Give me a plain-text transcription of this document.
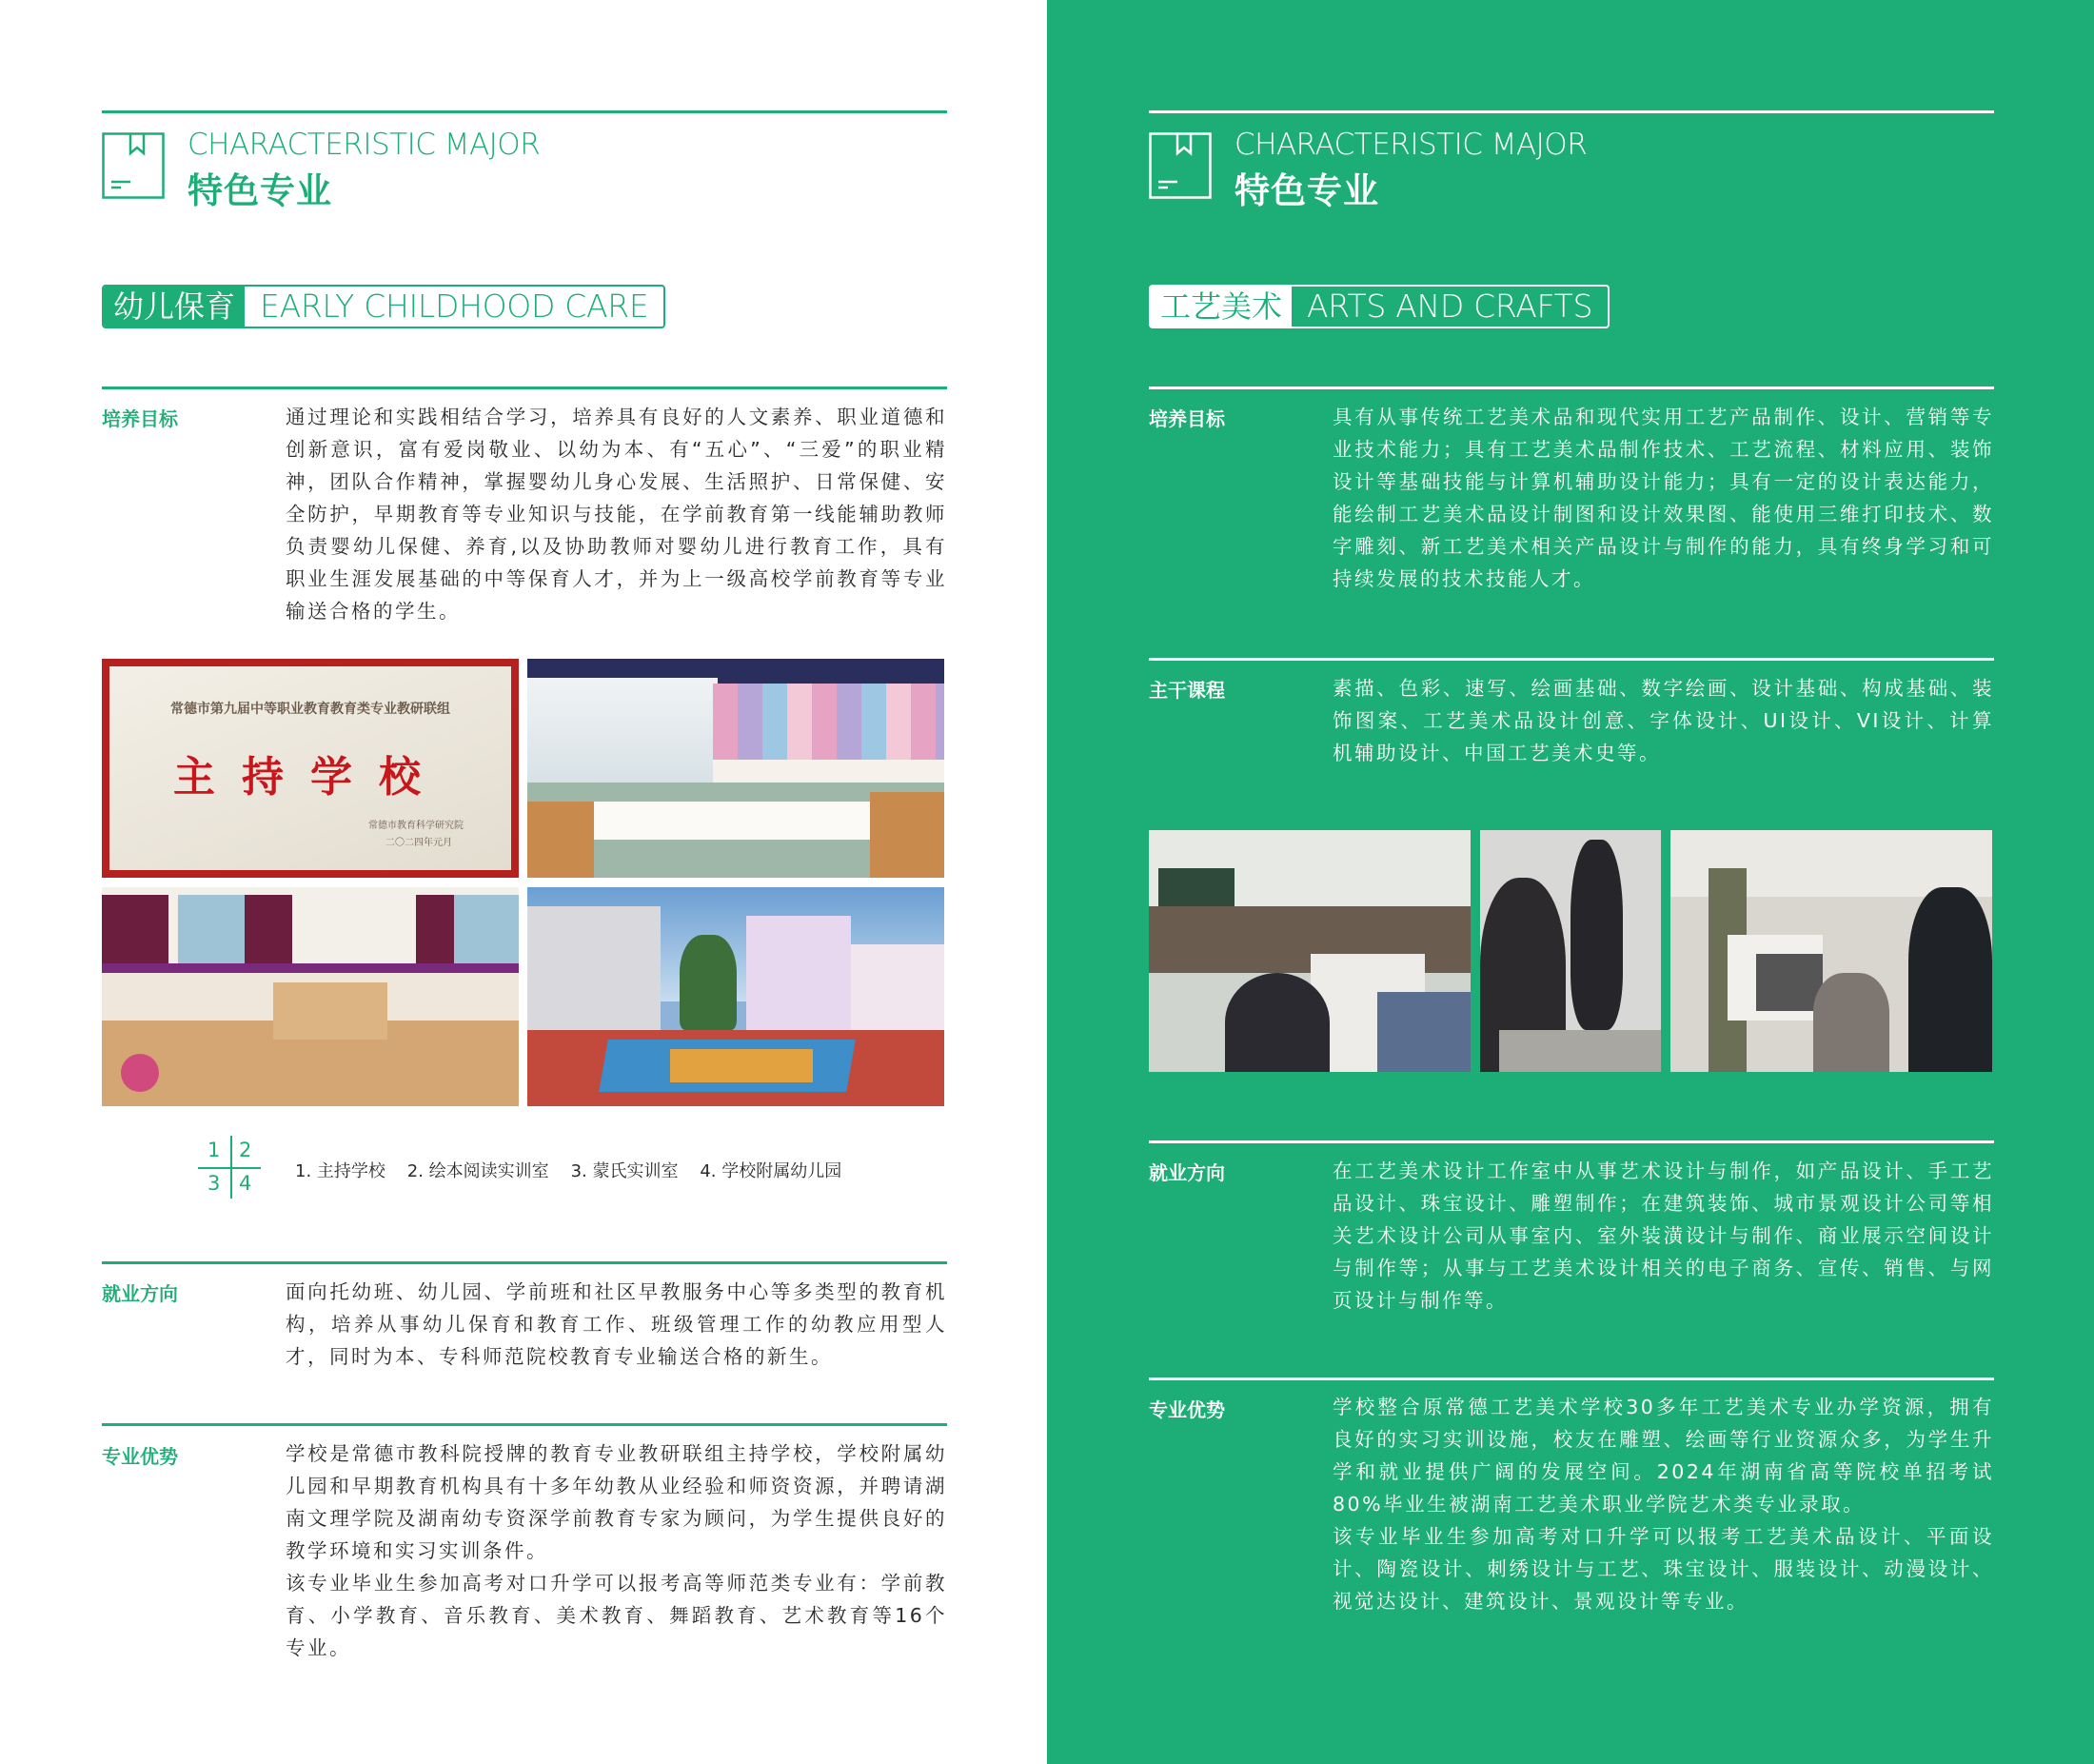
CHARACTERISTIC MAJOR
特色专业
幼儿保育 EARLY CHILDHOOD CARE
培养目标	通过理论和实践相结合学习，培养具有良好的人文素养、职业道德和创新意识，富有爱岗敬业、以幼为本、有“五心”、“三爱”的职业精神，团队合作精神，掌握婴幼儿身心发展、生活照护、日常保健、安全防护，早期教育等专业知识与技能，在学前教育第一线能辅助教师负责婴幼儿保健、养育,以及协助教师对婴幼儿进行教育工作，具有职业生涯发展基础的中等保育人才，并为上一级高校学前教育等专业输送合格的学生。
常德市第九届中等职业教育教育类专业教研联组
主持学校
常德市教育科学研究院
二〇二四年元月
1 2
3 4
1. 主持学校    2. 绘本阅读实训室    3. 蒙氏实训室    4. 学校附属幼儿园
就业方向	面向托幼班、幼儿园、学前班和社区早教服务中心等多类型的教育机构，培养从事幼儿保育和教育工作、班级管理工作的幼教应用型人才，同时为本、专科师范院校教育专业输送合格的新生。
专业优势	学校是常德市教科院授牌的教育专业教研联组主持学校，学校附属幼儿园和早期教育机构具有十多年幼教从业经验和师资资源，并聘请湖南文理学院及湖南幼专资深学前教育专家为顾问，为学生提供良好的教学环境和实习实训条件。
该专业毕业生参加高考对口升学可以报考高等师范类专业有：学前教育、小学教育、音乐教育、美术教育、舞蹈教育、艺术教育等16个专业。
CHARACTERISTIC MAJOR
特色专业
工艺美术 ARTS AND CRAFTS
培养目标	具有从事传统工艺美术品和现代实用工艺产品制作、设计、营销等专业技术能力；具有工艺美术品制作技术、工艺流程、材料应用、装饰设计等基础技能与计算机辅助设计能力；具有一定的设计表达能力，能绘制工艺美术品设计制图和设计效果图、能使用三维打印技术、数字雕刻、新工艺美术相关产品设计与制作的能力，具有终身学习和可持续发展的技术技能人才。
主干课程	素描、色彩、速写、绘画基础、数字绘画、设计基础、构成基础、装饰图案、工艺美术品设计创意、字体设计、UI设计、VI设计、计算机辅助设计、中国工艺美术史等。
就业方向	在工艺美术设计工作室中从事艺术设计与制作，如产品设计、手工艺品设计、珠宝设计、雕塑制作；在建筑装饰、城市景观设计公司等相关艺术设计公司从事室内、室外装潢设计与制作、商业展示空间设计与制作等；从事与工艺美术设计相关的电子商务、宣传、销售、与网页设计与制作等。
专业优势	学校整合原常德工艺美术学校30多年工艺美术专业办学资源，拥有良好的实习实训设施，校友在雕塑、绘画等行业资源众多，为学生升学和就业提供广阔的发展空间。2024年湖南省高等院校单招考试80%毕业生被湖南工艺美术职业学院艺术类专业录取。
该专业毕业生参加高考对口升学可以报考工艺美术品设计、平面设计、陶瓷设计、刺绣设计与工艺、珠宝设计、服装设计、动漫设计、视觉达设计、建筑设计、景观设计等专业。
